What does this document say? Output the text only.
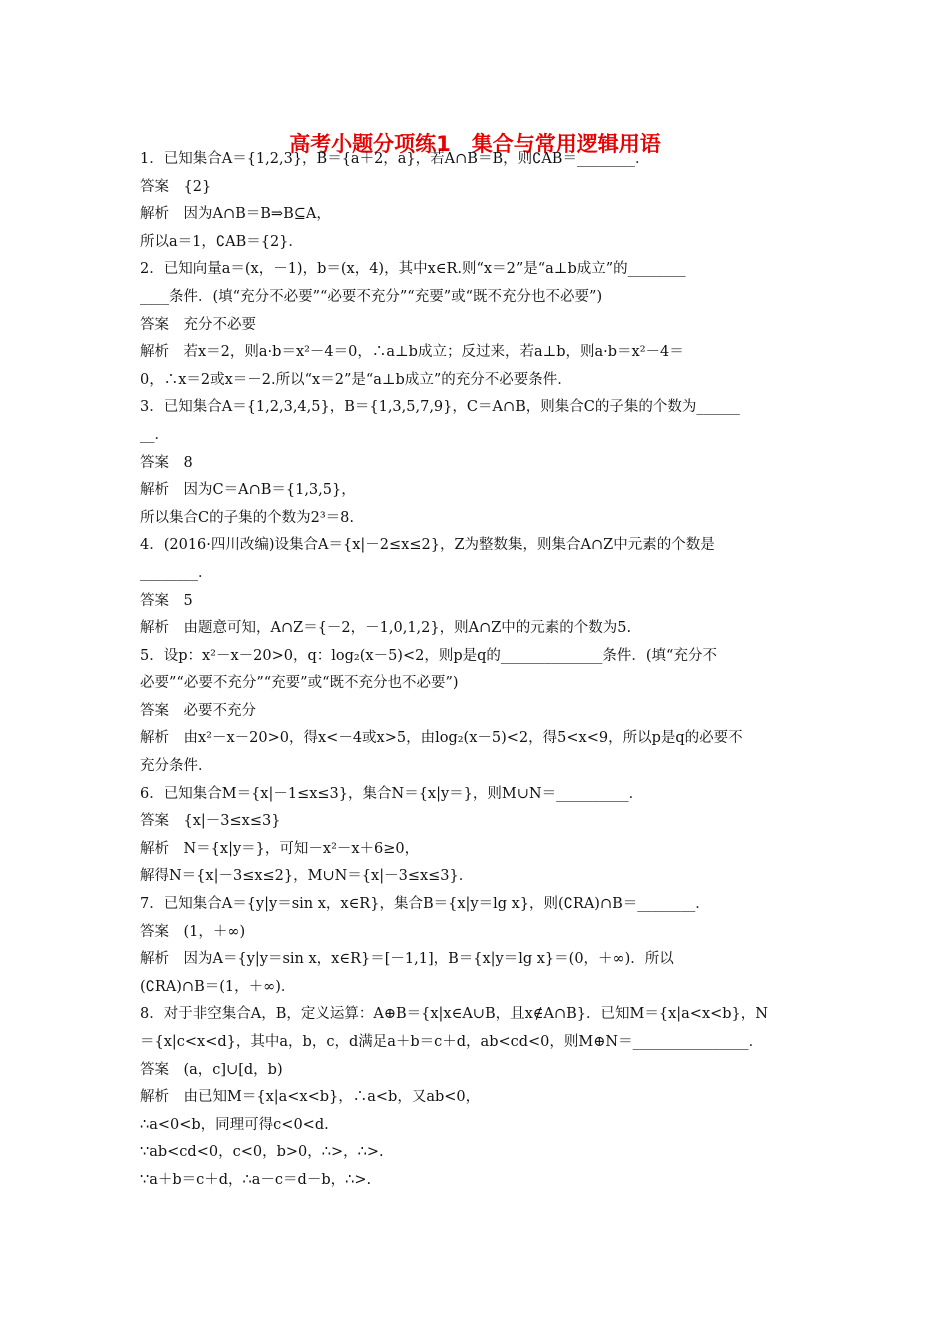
高考小题分项练1　集合与常用逻辑用语
1．已知集合A＝{1,2,3}，B＝{a＋2，a}，若A∩B＝B，则∁AB＝________．
答案　{2}
解析　因为A∩B＝B⇒B⊆A，
所以a＝1，∁AB＝{2}．
2．已知向量a＝(x，－1)，b＝(x，4)，其中x∈R.则“x＝2”是“a⊥b成立”的________
____条件．(填“充分不必要”“必要不充分”“充要”或“既不充分也不必要”)
答案　充分不必要
解析　若x＝2，则a·b＝x²－4＝0，∴a⊥b成立；反过来，若a⊥b，则a·b＝x²－4＝
0，∴x＝2或x＝－2.所以“x＝2”是“a⊥b成立”的充分不必要条件．
3．已知集合A＝{1,2,3,4,5}，B＝{1,3,5,7,9}，C＝A∩B，则集合C的子集的个数为______
__．
答案　8
解析　因为C＝A∩B＝{1,3,5}，
所以集合C的子集的个数为2³＝8.
4．(2016·四川改编)设集合A＝{x|－2≤x≤2}，Z为整数集，则集合A∩Z中元素的个数是
________．
答案　5
解析　由题意可知，A∩Z＝{－2，－1,0,1,2}，则A∩Z中的元素的个数为5.
5．设p：x²－x－20>0，q：log₂(x－5)<2，则p是q的______________条件．(填“充分不
必要”“必要不充分”“充要”或“既不充分也不必要”)
答案　必要不充分
解析　由x²－x－20>0，得x<－4或x>5，由log₂(x－5)<2，得5<x<9，所以p是q的必要不
充分条件．
6．已知集合M＝{x|－1≤x≤3}，集合N＝{x|y＝}，则M∪N＝__________．
答案　{x|－3≤x≤3}
解析　N＝{x|y＝}，可知－x²－x＋6≥0，
解得N＝{x|－3≤x≤2}，M∪N＝{x|－3≤x≤3}．
7．已知集合A＝{y|y＝sin x，x∈R}，集合B＝{x|y＝lg x}，则(∁RA)∩B＝________．
答案　(1，＋∞)
解析　因为A＝{y|y＝sin x，x∈R}＝[－1,1]，B＝{x|y＝lg x}＝(0，＋∞)．所以
(∁RA)∩B＝(1，＋∞)．
8．对于非空集合A，B，定义运算：A⊕B＝{x|x∈A∪B，且x∉A∩B}．已知M＝{x|a<x<b}，N
＝{x|c<x<d}，其中a，b，c，d满足a＋b＝c＋d，ab<cd<0，则M⊕N＝________________．
答案　(a，c]∪[d，b)
解析　由已知M＝{x|a<x<b}，∴a<b，又ab<0，
∴a<0<b，同理可得c<0<d.
∵ab<cd<0，c<0，b>0，∴>，∴>.
∵a＋b＝c＋d，∴a－c＝d－b，∴>.
